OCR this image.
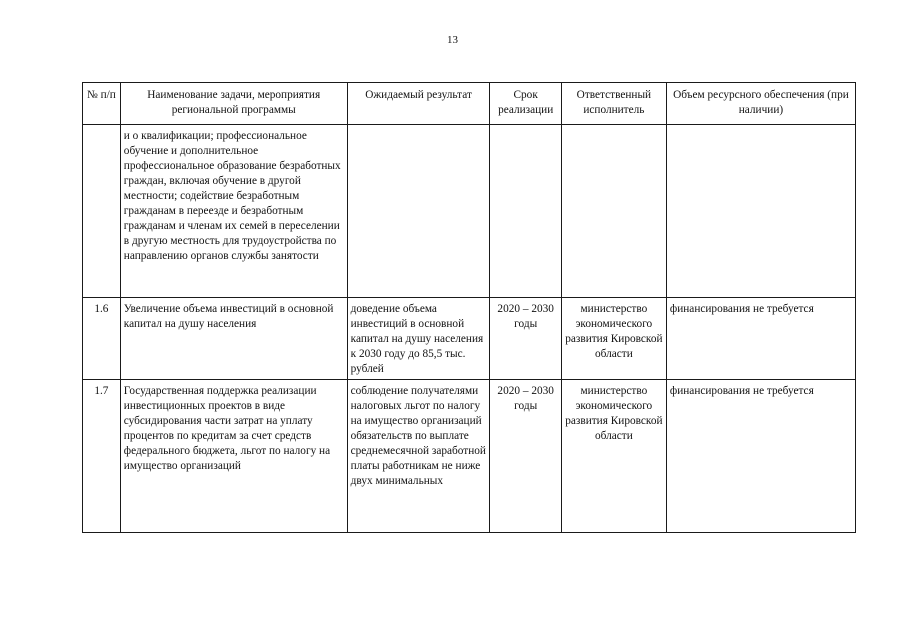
13
№ п/п	Наименование задачи, мероприятия региональной программы	Ожидаемый результат	Срок реализации	Ответственный исполнитель	Объем ресурсного обеспечения (при наличии)
	и о квалификации; профессиональное обучение и дополнительное профессиональное образование безработных граждан, включая обучение в другой местности; содействие безработным гражданам в переезде и безработным гражданам и членам их семей в переселении в другую местность для трудоустройства по направлению органов службы занятости				
1.6	Увеличение объема инвестиций в основной капитал на душу населения	доведение объема инвестиций в основной капитал на душу населения к 2030 году до 85,5 тыс. рублей	2020 – 2030 годы	министерство экономического развития Кировской области	финансирования не требуется
1.7	Государственная поддержка реализации инвестиционных проектов в виде субсидирования части затрат на уплату процентов по кредитам за счет средств федерального бюджета, льгот по налогу на имущество организаций	соблюдение получателями налоговых льгот по налогу на имущество организаций обязательств по выплате среднемесячной заработной платы работникам не ниже двух минимальных	2020 – 2030 годы	министерство экономического развития Кировской области	финансирования не требуется
